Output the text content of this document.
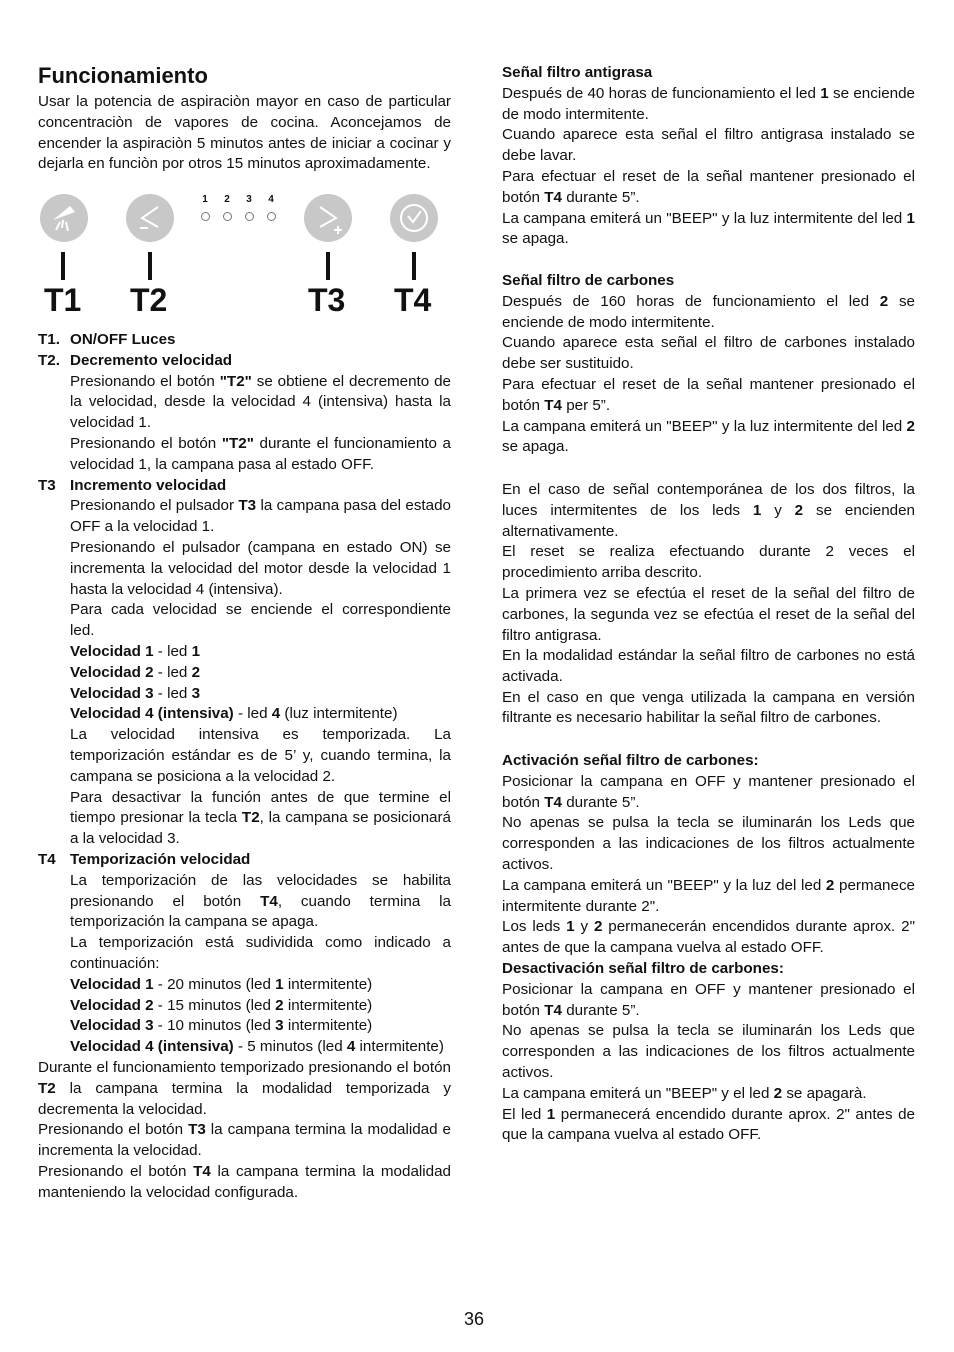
Funcionamiento

Usar la potencia de aspiraciòn mayor en caso de particular concentraciòn de vapores de cocina. Aconcejamos de encender la aspiraciòn 5 minutos antes de iniciar a cocinar y dejarla en funciòn por otros 15 minutos aproximadamente.

1 2 3 4
T1 T2	T3 T4
T1. ON/OFF Luces
T2. Decremento velocidad

Presionando el botón "T2" se obtiene el decremento de la velocidad, desde la velocidad 4 (intensiva) hasta la velocidad 1.

Presionando el botón "T2" durante el funcionamiento a velocidad 1, la campana pasa al estado OFF.

T3 Incremento velocidad

Presionando el pulsador T3 la campana pasa del estado OFF a la velocidad 1.

Presionando el pulsador (campana en estado ON) se incrementa la velocidad del motor desde la velocidad 1 hasta la velocidad 4 (intensiva).

Para cada velocidad se enciende el correspondiente led.

Velocidad 1 - led 1

Velocidad 2 - led 2

Velocidad 3 - led 3

Velocidad 4 (intensiva) - led 4 (luz intermitente)

La velocidad intensiva es temporizada. La temporización estándar es de 5’ y, cuando termina, la campana se posiciona a la velocidad 2.

Para desactivar la función antes de que termine el tiempo presionar la tecla T2, la campana se posicionará a la velocidad 3.

T4 Temporización velocidad

La temporización de las velocidades se habilita presionando el botón T4, cuando termina la temporización la campana se apaga.

La temporización está sudividida como indicado a continuación:

Velocidad 1 - 20 minutos (led 1 intermitente)

Velocidad 2 - 15 minutos (led 2 intermitente)

Velocidad 3 - 10 minutos (led 3 intermitente)

Velocidad 4 (intensiva) - 5 minutos (led 4 intermitente)

Durante el funcionamiento temporizado presionando el botón T2 la campana termina la modalidad temporizada y decrementa la velocidad.

Presionando el botón T3 la campana termina la modalidad e incrementa la velocidad.

Presionando el botón T4 la campana termina la modalidad manteniendo la velocidad configurada.

Señal filtro antigrasa

Después de 40 horas de funcionamiento el led 1 se enciende de modo intermitente.

Cuando aparece esta señal el filtro antigrasa instalado se debe lavar.

Para efectuar el reset de la señal mantener presionado el botón T4 durante 5”.

La campana emiterá un "BEEP" y la luz intermitente del led 1 se apaga.

Señal filtro de carbones

Después de 160 horas de funcionamiento el led 2 se enciende de modo intermitente.

Cuando aparece esta señal el filtro de carbones instalado debe ser sustituido.

Para efectuar el reset de la señal mantener presionado el botón T4 per 5”.

La campana emiterá un "BEEP" y la luz intermitente del led 2 se apaga.

En el caso de señal contemporánea de los dos filtros, la luces intermitentes de los leds 1 y 2 se encienden alternativamente.

El reset se realiza efectuando durante 2 veces el procedimiento arriba descrito.

La primera vez se efectúa el reset de la señal del filtro de carbones, la segunda vez se efectúa el reset de la señal del filtro antigrasa.

En la modalidad estándar la señal filtro de carbones no está activada.

En el caso en que venga utilizada la campana en versión filtrante es necesario habilitar la señal filtro de carbones.

Activación señal filtro de carbones:

Posicionar la campana en OFF y mantener presionado el botón T4 durante 5”.

No apenas se pulsa la tecla se iluminarán los Leds que corresponden a las indicaciones de los filtros actualmente activos.

La campana emiterá un "BEEP" y la luz del led 2 permanece intermitente durante 2".

Los leds 1 y 2 permanecerán encendidos durante aprox. 2" antes de que la campana vuelva al estado OFF.

Desactivación señal filtro de carbones:

Posicionar la campana en OFF y mantener presionado el botón T4 durante 5”.

No apenas se pulsa la tecla se iluminarán los Leds que corresponden a las indicaciones de los filtros actualmente activos.

La campana emiterá un "BEEP" y el led 2 se apagarà.

El led 1 permanecerá encendido durante aprox. 2" antes de que la campana vuelva al estado OFF.

36
